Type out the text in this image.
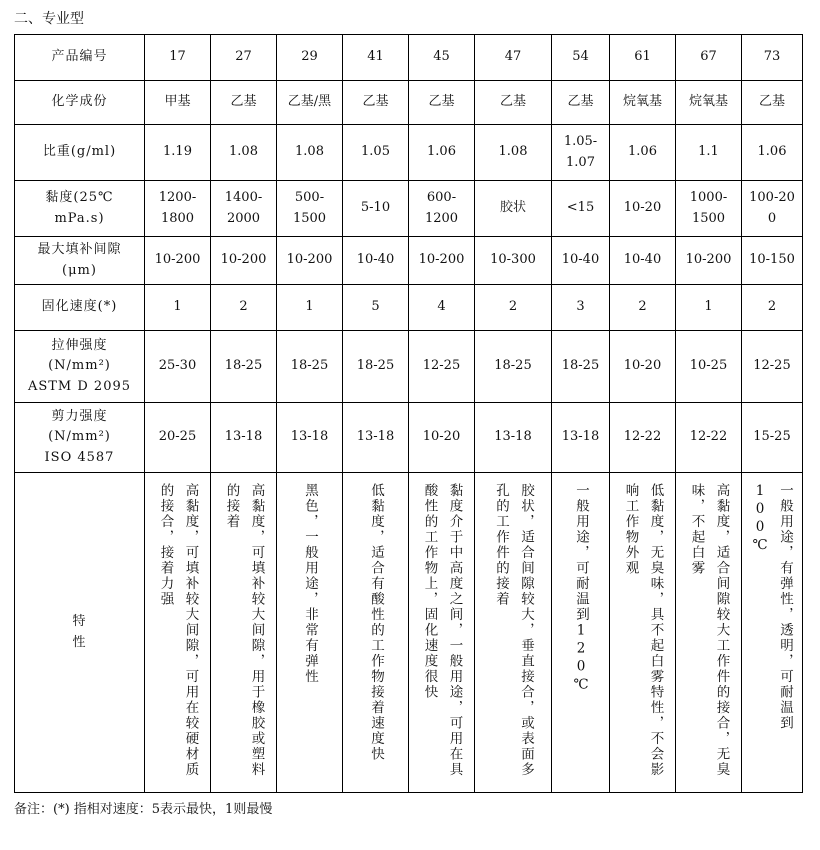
二、专业型
产品编号	17	27	29	41	45	47	54	61	67	73
化学成份	甲基	乙基	乙基/黑	乙基	乙基	乙基	乙基	烷氧基	烷氧基	乙基
比重(g/ml)	1.19	1.08	1.08	1.05	1.06	1.08	1.05-1.07	1.06	1.1	1.06

黏度(25℃
mPa.s)	1200-1800	1400-2000	500-1500	5-10	600-1200	胶状	<15	10-20	1000-1500	100-200

最大填补间隙
(μm)	10-200	10-200	10-200	10-40	10-200	10-300	10-40	10-40	10-200	10-150
固化速度(*)	1	2	1	5	4	2	3	2	1	2

拉伸强度
(N/mm²)
ASTM D 2095	25-30	18-25	18-25	18-25	12-25	18-25	18-25	10-20	10-25	12-25

剪力强度
(N/mm²)
ISO 4587	20-25	13-18	13-18	13-18	10-20	13-18	13-18	12-22	12-22	15-25

特
性	高黏度，可填补较大间隙，可用在较硬材质的接合，接着力强	高黏度，可填补较大间隙，用于橡胶或塑料的接着	黑色，一般用途，非常有弹性	低黏度，适合有酸性的工作物接着速度快	黏度介于中高度之间，一般用途，可用在具酸性的工作物上，固化速度很快	胶状，适合间隙较大，垂直接合，或表面多孔的工作件的接着	一般用途，可耐温到120℃	低黏度，无臭味，具不起白雾特性，不会影响工作物外观	高黏度，适合间隙较大工作件的接合，无臭味，不起白雾	一般用途，有弹性，透明，可耐温到100℃
备注：(*) 指相对速度：5表示最快，1则最慢
